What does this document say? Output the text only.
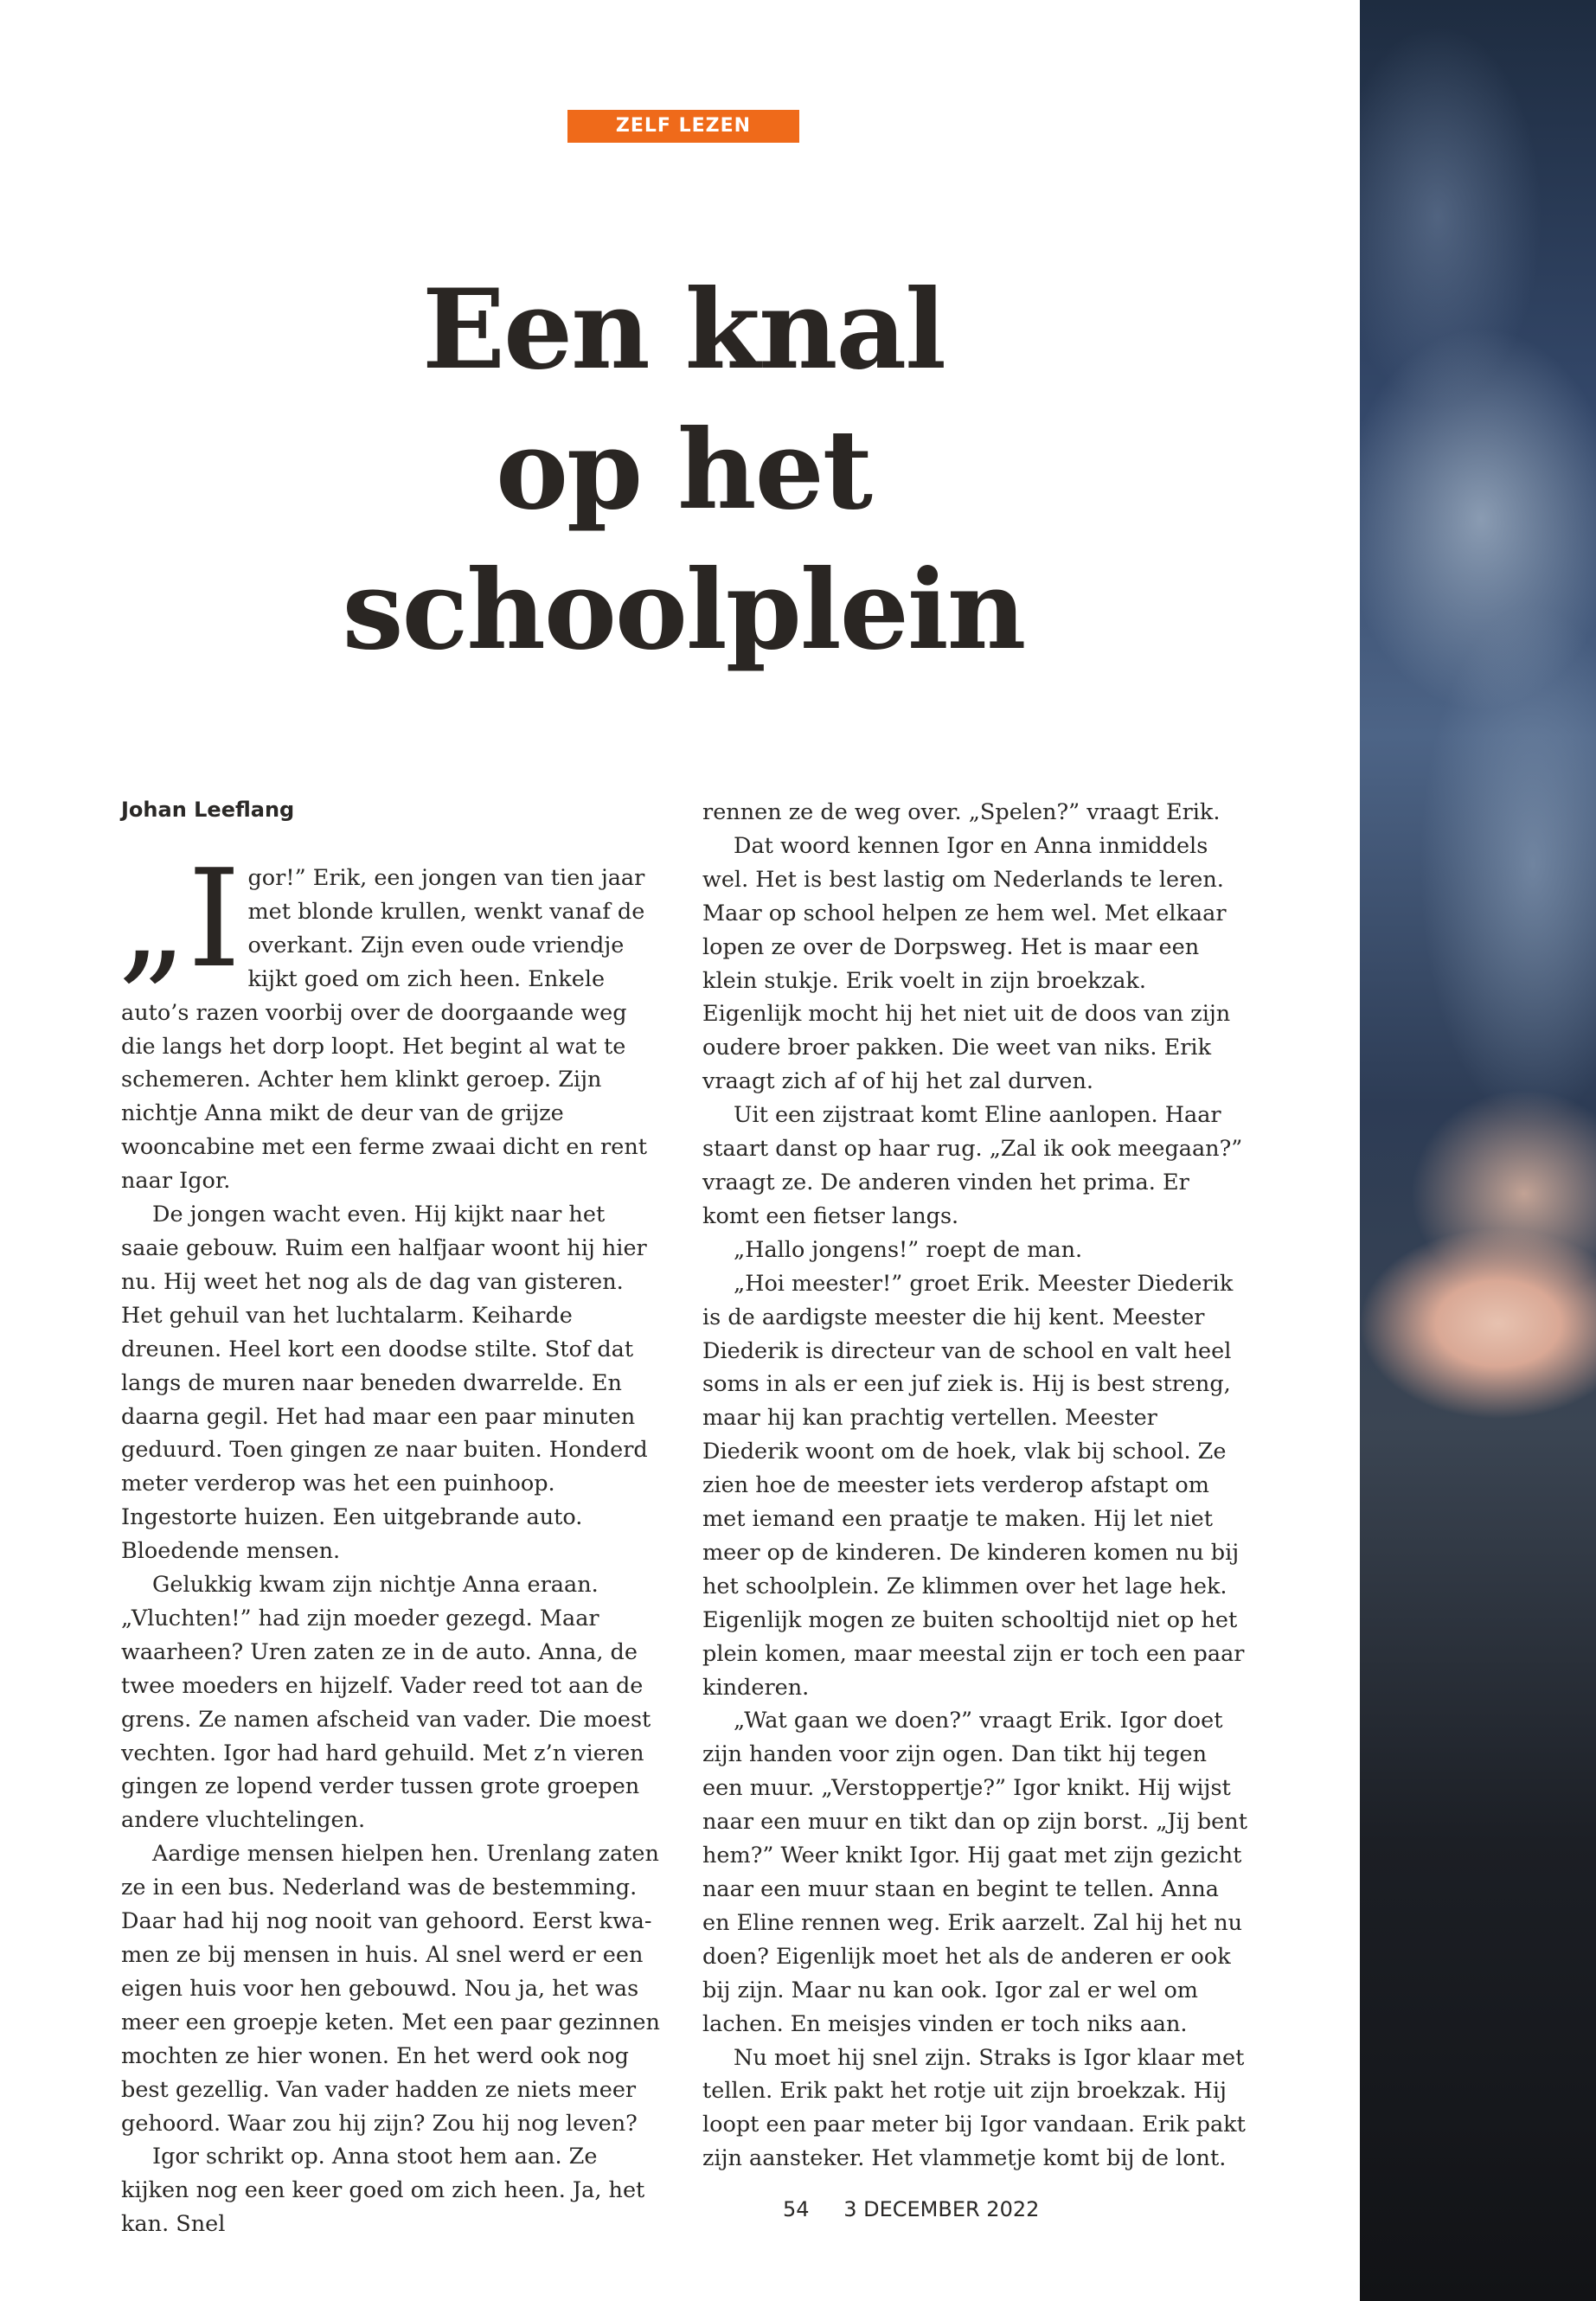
ZELF LEZEN
Een knal
op het
schoolplein
Johan Leeflang

„Igor!” Erik, een jongen van tien jaar met blonde krullen, wenkt vanaf de overkant. Zijn even oude vriendje kijkt goed om zich heen. Enkele auto’s razen voorbij over de doorgaande weg die langs het dorp loopt. Het begint al wat te schemeren. Achter hem klinkt geroep. Zijn nichtje Anna mikt de deur van de grijze wooncabine met een ferme zwaai dicht en rent naar Igor.

De jongen wacht even. Hij kijkt naar het saaie gebouw. Ruim een halfjaar woont hij hier nu. Hij weet het nog als de dag van gisteren. Het gehuil van het luchtalarm. Keiharde dreunen. Heel kort een doodse stilte. Stof dat langs de muren naar beneden dwarrelde. En daarna gegil. Het had maar een paar minuten geduurd. Toen gingen ze naar buiten. Honderd meter verderop was het een puinhoop. Ingestorte huizen. Een uitgebrande auto. Bloedende mensen.

Gelukkig kwam zijn nichtje Anna eraan. „Vluchten!” had zijn moeder gezegd. Maar waarheen? Uren zaten ze in de auto. Anna, de twee moeders en hijzelf. Vader reed tot aan de grens. Ze namen afscheid van vader. Die moest vechten. Igor had hard gehuild. Met z’n vieren gingen ze lopend verder tussen grote groepen andere vluchtelingen.

Aardige mensen hielpen hen. Urenlang zaten ze in een bus. Nederland was de bestemming. Daar had hij nog nooit van gehoord. Eerst kwamen ze bij mensen in huis. Al snel werd er een eigen huis voor hen gebouwd. Nou ja, het was meer een groepje keten. Met een paar gezinnen mochten ze hier wonen. En het werd ook nog best gezellig. Van vader hadden ze niets meer gehoord. Waar zou hij zijn? Zou hij nog leven?

Igor schrikt op. Anna stoot hem aan. Ze kijken nog een keer goed om zich heen. Ja, het kan. Snel

rennen ze de weg over. „Spelen?” vraagt Erik.

Dat woord kennen Igor en Anna inmiddels wel. Het is best lastig om Nederlands te leren. Maar op school helpen ze hem wel. Met elkaar lopen ze over de Dorpsweg. Het is maar een klein stukje. Erik voelt in zijn broekzak. Eigenlijk mocht hij het niet uit de doos van zijn oudere broer pakken. Die weet van niks. Erik vraagt zich af of hij het zal durven.

Uit een zijstraat komt Eline aanlopen. Haar staart danst op haar rug. „Zal ik ook meegaan?” vraagt ze. De anderen vinden het prima. Er komt een fietser langs.

„Hallo jongens!” roept de man.

„Hoi meester!” groet Erik. Meester Diederik is de aardigste meester die hij kent. Meester Diederik is directeur van de school en valt heel soms in als er een juf ziek is. Hij is best streng, maar hij kan prachtig vertellen. Meester Diederik woont om de hoek, vlak bij school. Ze zien hoe de meester iets verderop afstapt om met iemand een praatje te maken. Hij let niet meer op de kinderen. De kinderen komen nu bij het schoolplein. Ze klimmen over het lage hek. Eigenlijk mogen ze buiten schooltijd niet op het plein komen, maar meestal zijn er toch een paar kinderen.

„Wat gaan we doen?” vraagt Erik. Igor doet zijn handen voor zijn ogen. Dan tikt hij tegen een muur. „Verstoppertje?” Igor knikt. Hij wijst naar een muur en tikt dan op zijn borst. „Jij bent hem?” Weer knikt Igor. Hij gaat met zijn gezicht naar een muur staan en begint te tellen. Anna en Eline rennen weg. Erik aarzelt. Zal hij het nu doen? Eigenlijk moet het als de anderen er ook bij zijn. Maar nu kan ook. Igor zal er wel om lachen. En meisjes vinden er toch niks aan.

Nu moet hij snel zijn. Straks is Igor klaar met tellen. Erik pakt het rotje uit zijn broekzak. Hij loopt een paar meter bij Igor vandaan. Erik pakt zijn aansteker. Het vlammetje komt bij de lont.

54 3 DECEMBER 2022
